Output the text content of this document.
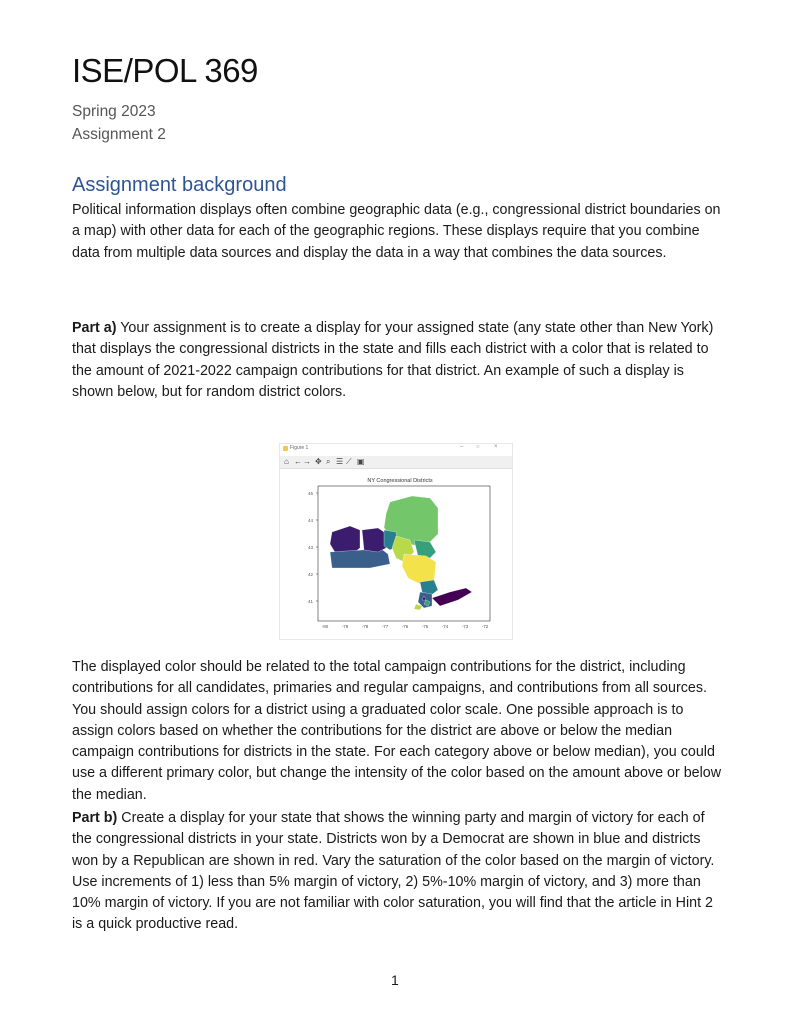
ISE/POL 369
Spring 2023
Assignment 2
Assignment background

Political information displays often combine geographic data (e.g., congressional district boundaries on a map) with other data for each of the geographic regions. These displays require that you combine data from multiple data sources and display the data in a way that combines the data sources.

Part a) Your assignment is to create a display for your assigned state (any state other than New York) that displays the congressional districts in the state and fills each district with a color that is related to the amount of 2021-2022 campaign contributions for that district. An example of such a display is shown below, but for random district colors.

Figure 1	– ○ ×
⌂ ← → ✥ ⌕ ☰ ⟋ ▣
NY Congressional Districts
45
44
43
42
41
-80	-79	-78	-77	-76	-75	-74	-73	-72

The displayed color should be related to the total campaign contributions for the district, including contributions for all candidates, primaries and regular campaigns, and contributions from all sources. You should assign colors for a district using a graduated color scale. One possible approach is to assign colors based on whether the contributions for the district are above or below the median campaign contributions for districts in the state. For each category above or below median), you could use a different primary color, but change the intensity of the color based on the amount above or below the median.

Part b) Create a display for your state that shows the winning party and margin of victory for each of the congressional districts in your state. Districts won by a Democrat are shown in blue and districts won by a Republican are shown in red. Vary the saturation of the color based on the margin of victory. Use increments of 1) less than 5% margin of victory, 2) 5%-10% margin of victory, and 3) more than 10% margin of victory. If you are not familiar with color saturation, you will find that the article in Hint 2 is a quick productive read.

1
